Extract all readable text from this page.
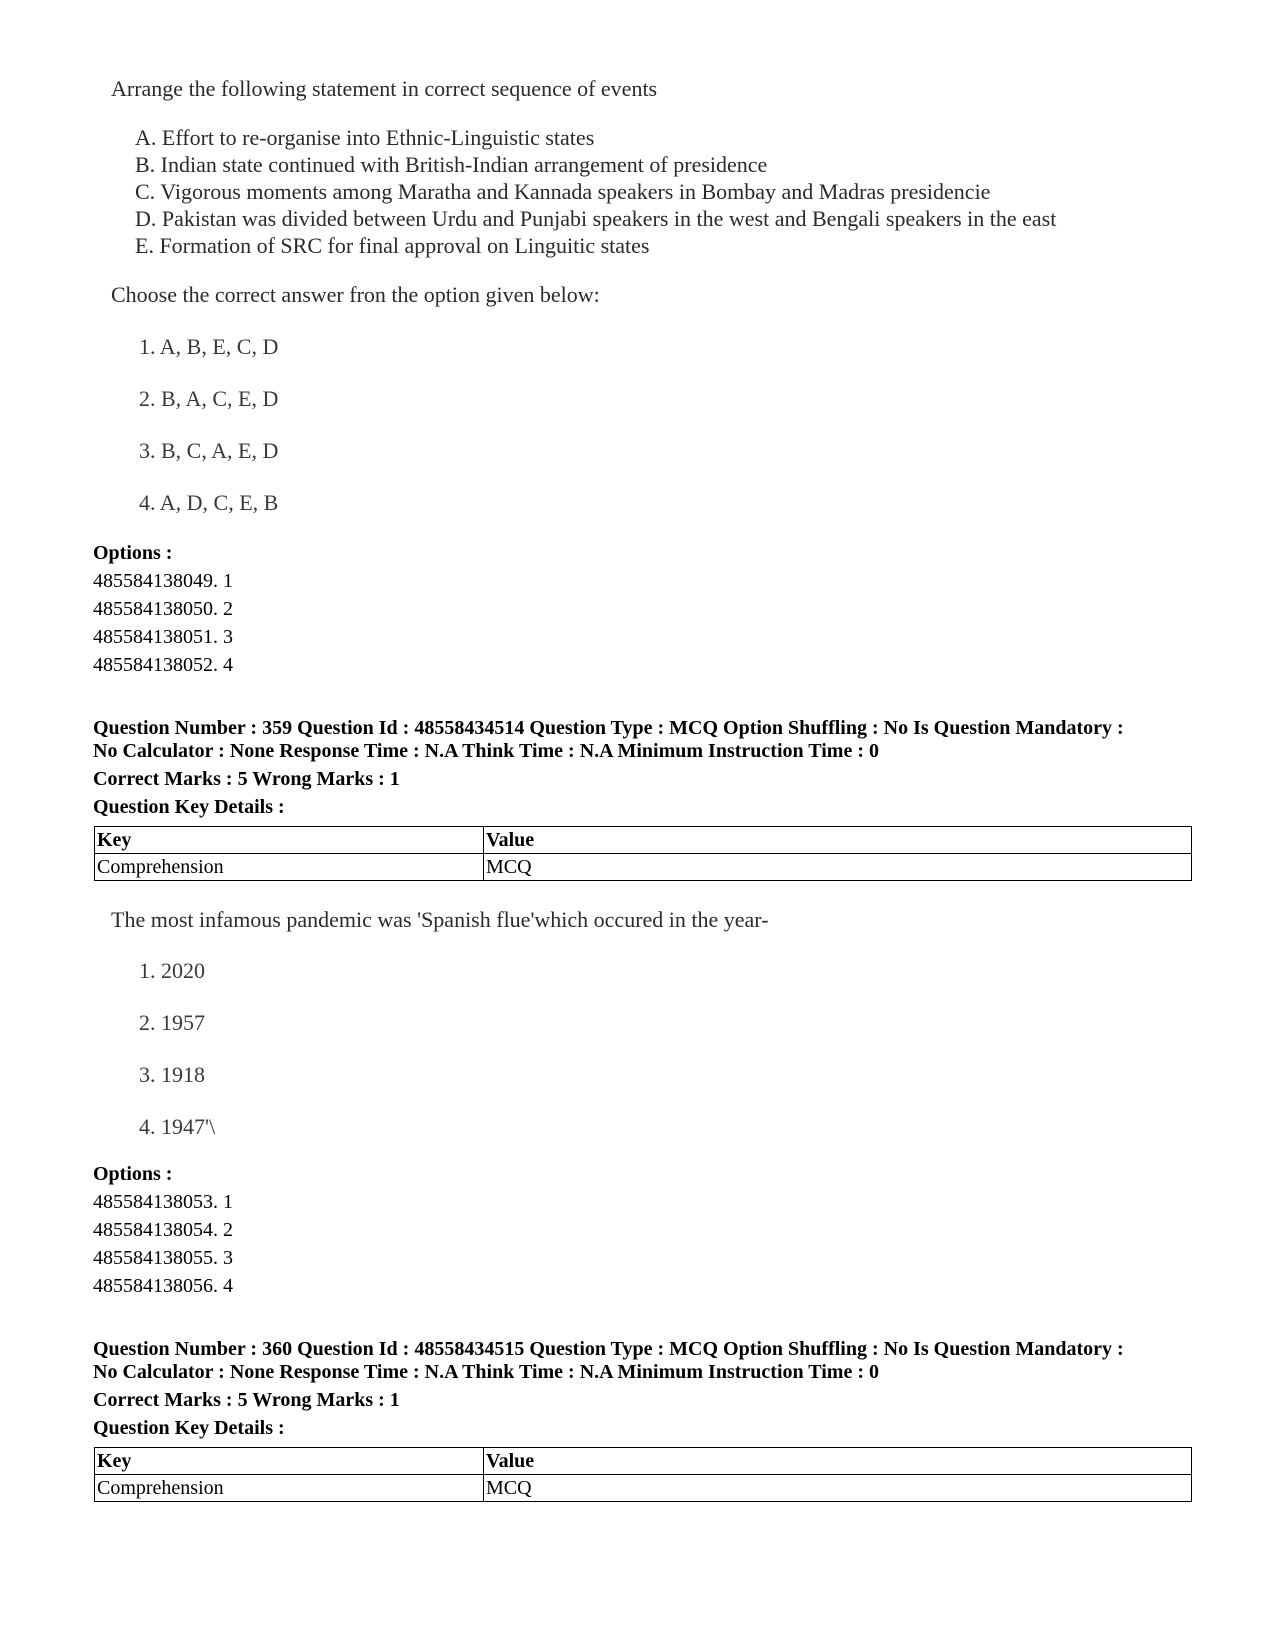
Arrange the following statement in correct sequence of events
A. Effort to re-organise into Ethnic-Linguistic states
B. Indian state continued with British-Indian arrangement of presidence
C. Vigorous moments among Maratha and Kannada speakers in Bombay and Madras presidencie
D. Pakistan was divided between Urdu and Punjabi speakers in the west and Bengali speakers in the east
E. Formation of SRC for final approval on Linguitic states
Choose the correct answer fron the option given below:
1. A, B, E, C, D
2. B, A, C, E, D
3. B, C, A, E, D
4. A, D, C, E, B
Options :
485584138049. 1
485584138050. 2
485584138051. 3
485584138052. 4
Question Number : 359 Question Id : 48558434514 Question Type : MCQ Option Shuffling : No Is Question Mandatory :
No Calculator : None Response Time : N.A Think Time : N.A Minimum Instruction Time : 0
Correct Marks : 5 Wrong Marks : 1
Question Key Details :
Key	Value
Comprehension	MCQ
The most infamous pandemic was 'Spanish flue'which occured in the year-
1. 2020
2. 1957
3. 1918
4. 1947'\
Options :
485584138053. 1
485584138054. 2
485584138055. 3
485584138056. 4
Question Number : 360 Question Id : 48558434515 Question Type : MCQ Option Shuffling : No Is Question Mandatory :
No Calculator : None Response Time : N.A Think Time : N.A Minimum Instruction Time : 0
Correct Marks : 5 Wrong Marks : 1
Question Key Details :
Key	Value
Comprehension	MCQ
